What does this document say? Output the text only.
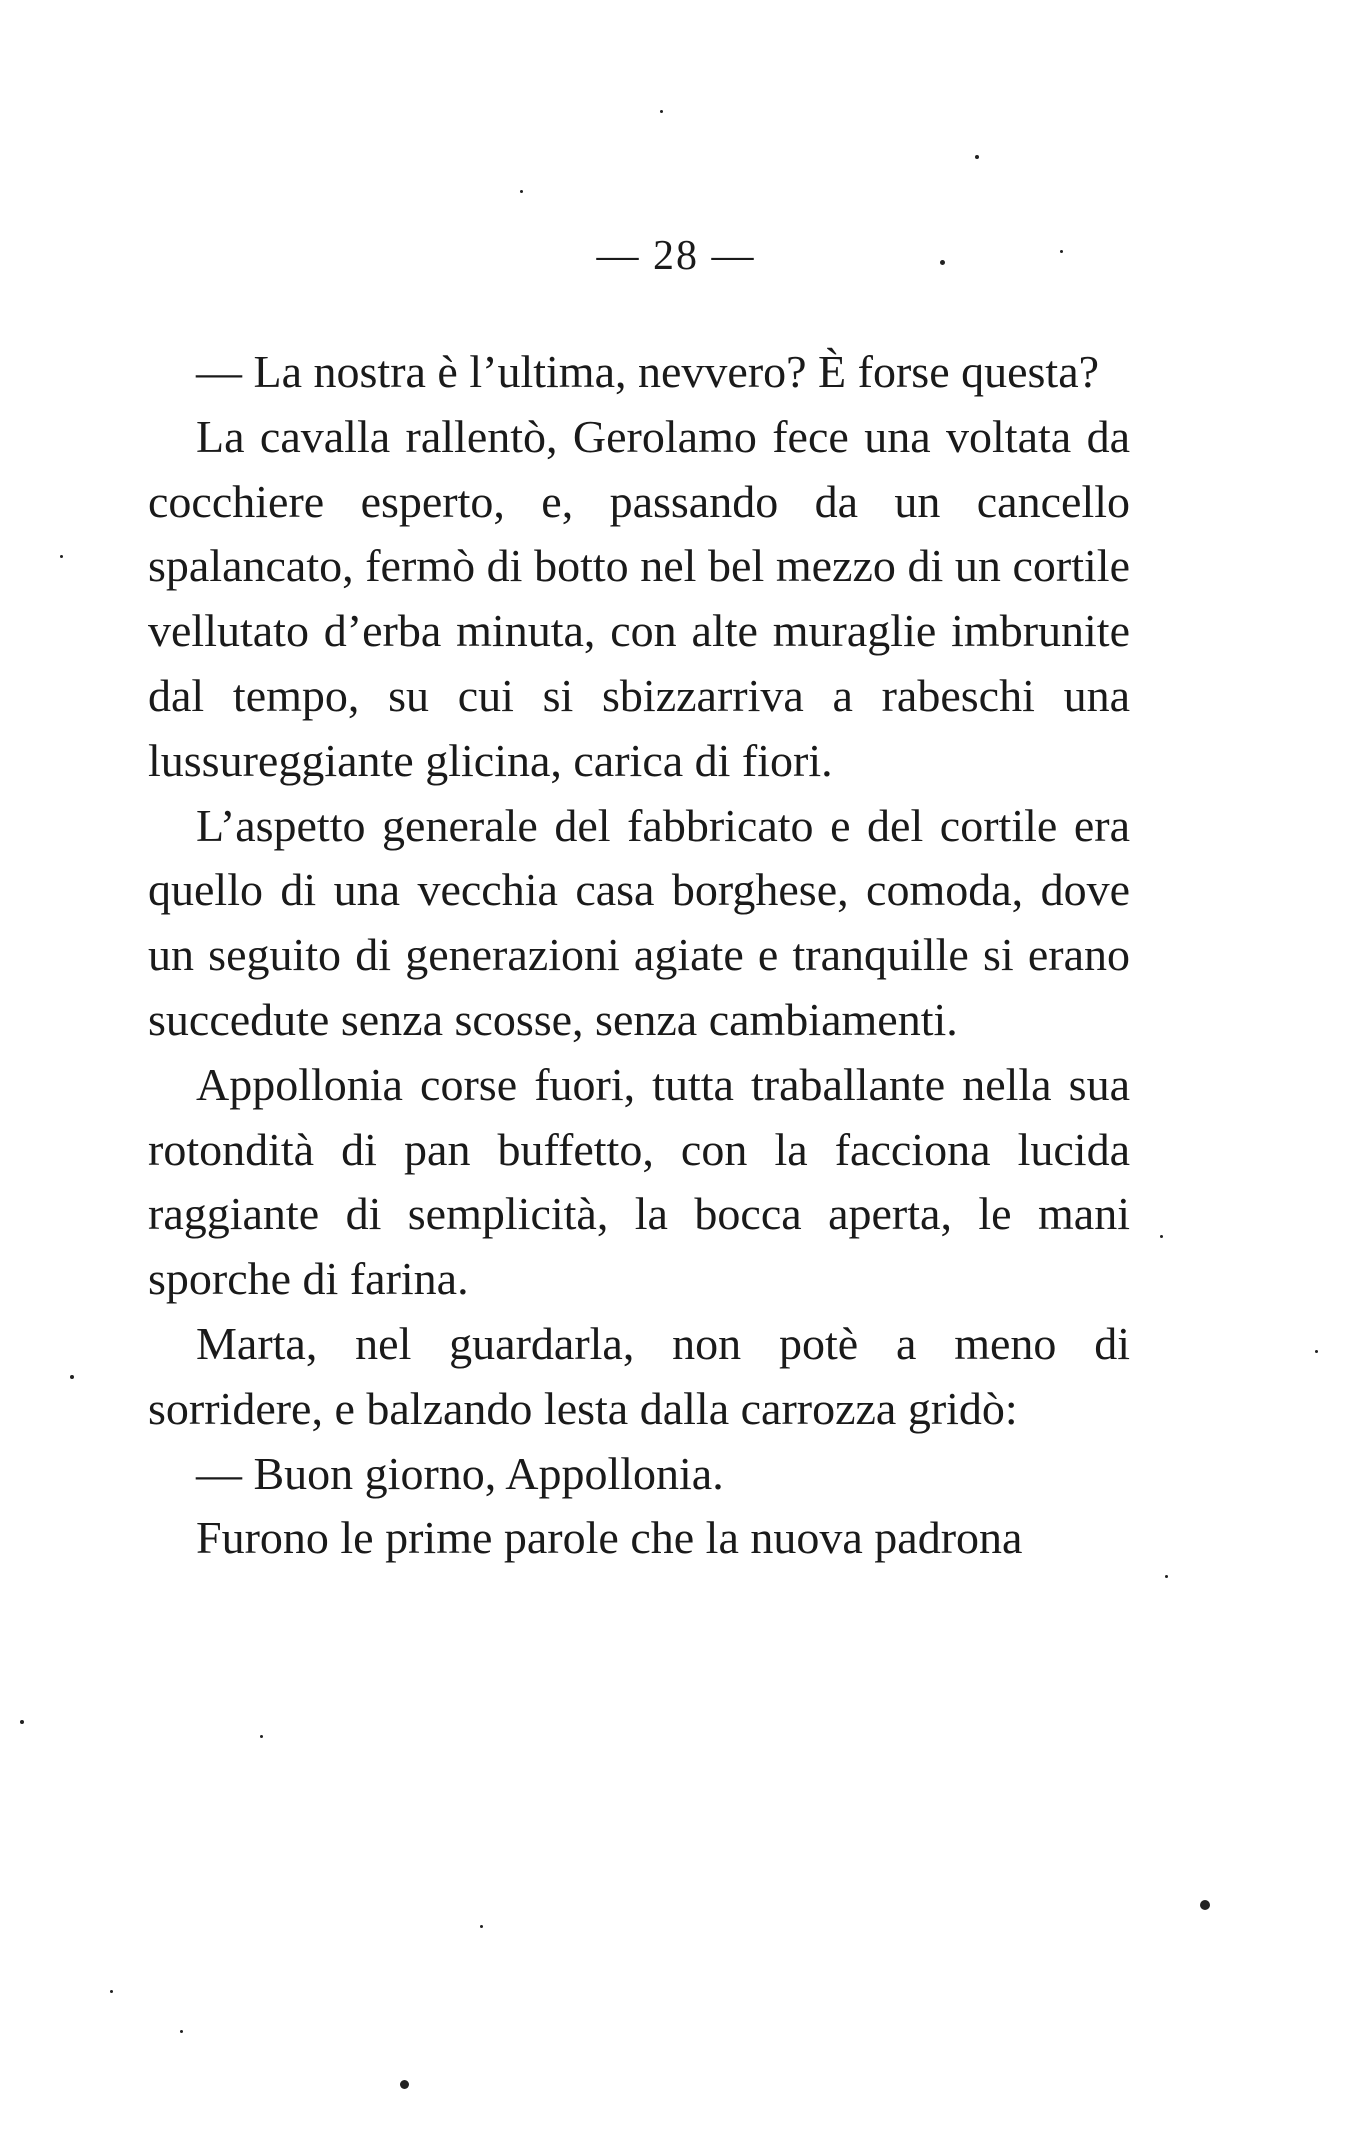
— 28 —

— La nostra è l’ultima, nevvero? È forse questa?

La cavalla rallentò, Gerolamo fece una voltata da cocchiere esperto, e, passando da un cancello spalancato, fermò di botto nel bel mezzo di un cortile vellutato d’erba minuta, con alte muraglie imbrunite dal tempo, su cui si sbizzarriva a rabeschi una lussureggiante glicina, carica di fiori.

L’aspetto generale del fabbricato e del cortile era quello di una vecchia casa borghese, comoda, dove un seguito di generazioni agiate e tranquille si erano succedute senza scosse, senza cambiamenti.

Appollonia corse fuori, tutta traballante nella sua rotondità di pan buffetto, con la facciona lucida raggiante di semplicità, la bocca aperta, le mani sporche di farina.

Marta, nel guardarla, non potè a meno di sorridere, e balzando lesta dalla carrozza gridò:

— Buon giorno, Appollonia.

Furono le prime parole che la nuova padrona
